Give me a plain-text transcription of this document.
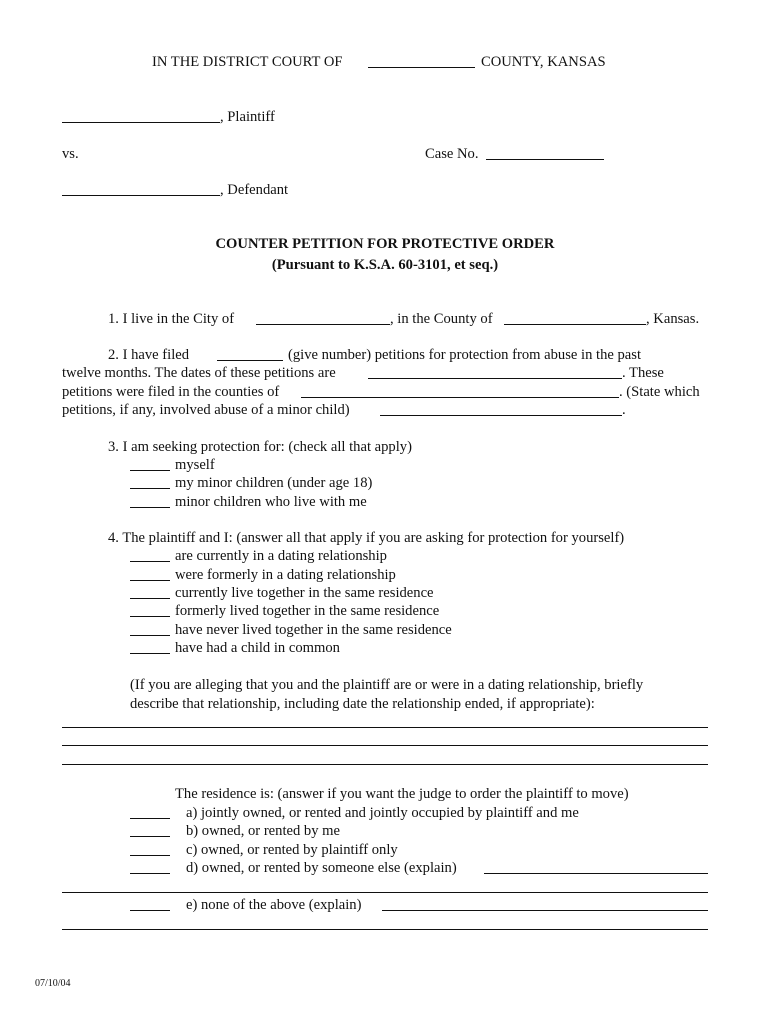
IN THE DISTRICT COURT OF	COUNTY, KANSAS
, Plaintiff
vs.	Case No.
, Defendant
COUNTER PETITION FOR PROTECTIVE ORDER
(Pursuant to K.S.A. 60-3101, et seq.)
1. I live in the City of	, in the County of	, Kansas.
2. I have filed	(give number) petitions for protection from abuse in the past
twelve months. The dates of these petitions are	. These
petitions were filed in the counties of	. (State which
petitions, if any, involved abuse of a minor child)	.
3. I am seeking protection for: (check all that apply)
myself
my minor children (under age 18)
minor children who live with me
4. The plaintiff and I: (answer all that apply if you are asking for protection for yourself)
are currently in a dating relationship
were formerly in a dating relationship
currently live together in the same residence
formerly lived together in the same residence
have never lived together in the same residence
have had a child in common
(If you are alleging that you and the plaintiff are or were in a dating relationship, briefly
describe that relationship, including date the relationship ended, if appropriate):
The residence is: (answer if you want the judge to order the plaintiff to move)
a) jointly owned, or rented and jointly occupied by plaintiff and me
b) owned, or rented by me
c) owned, or rented by plaintiff only
d) owned, or rented by someone else (explain)
e) none of the above (explain)
07/10/04
